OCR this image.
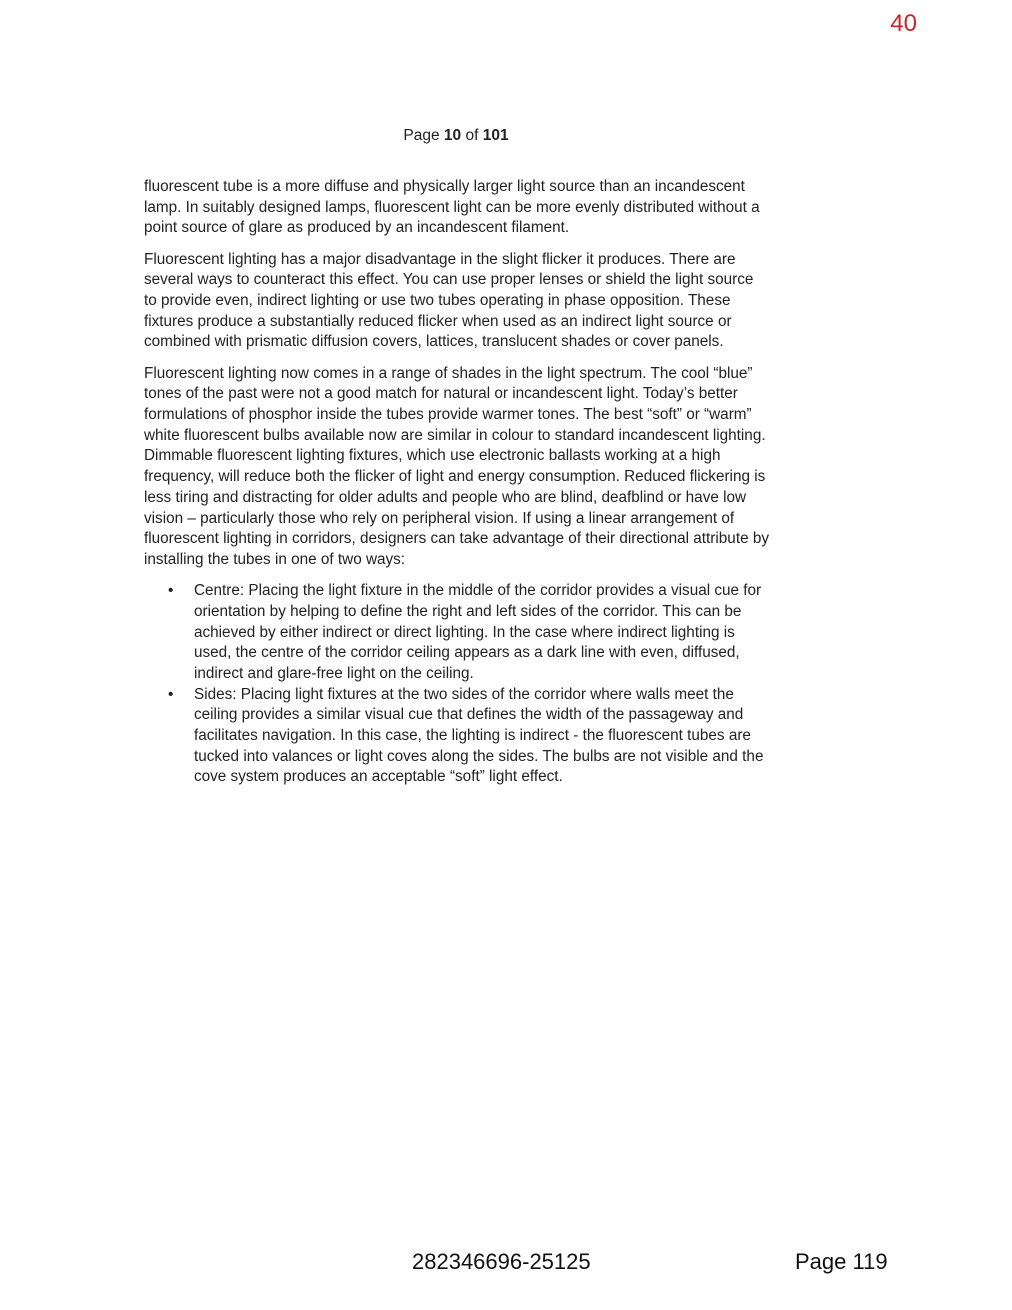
40
Page 10 of 101

fluorescent tube is a more diffuse and physically larger light source than an incandescent lamp. In suitably designed lamps, fluorescent light can be more evenly distributed without a point source of glare as produced by an incandescent filament.

Fluorescent lighting has a major disadvantage in the slight flicker it produces. There are several ways to counteract this effect. You can use proper lenses or shield the light source to provide even, indirect lighting or use two tubes operating in phase opposition. These fixtures produce a substantially reduced flicker when used as an indirect light source or combined with prismatic diffusion covers, lattices, translucent shades or cover panels.

Fluorescent lighting now comes in a range of shades in the light spectrum. The cool “blue” tones of the past were not a good match for natural or incandescent light. Today’s better formulations of phosphor inside the tubes provide warmer tones. The best “soft” or “warm” white fluorescent bulbs available now are similar in colour to standard incandescent lighting. Dimmable fluorescent lighting fixtures, which use electronic ballasts working at a high frequency, will reduce both the flicker of light and energy consumption. Reduced flickering is less tiring and distracting for older adults and people who are blind, deafblind or have low vision – particularly those who rely on peripheral vision. If using a linear arrangement of fluorescent lighting in corridors, designers can take advantage of their directional attribute by installing the tubes in one of two ways:

• Centre: Placing the light fixture in the middle of the corridor provides a visual cue for orientation by helping to define the right and left sides of the corridor. This can be achieved by either indirect or direct lighting. In the case where indirect lighting is used, the centre of the corridor ceiling appears as a dark line with even, diffused, indirect and glare-free light on the ceiling.
• Sides: Placing light fixtures at the two sides of the corridor where walls meet the ceiling provides a similar visual cue that defines the width of the passageway and facilitates navigation. In this case, the lighting is indirect - the fluorescent tubes are tucked into valances or light coves along the sides. The bulbs are not visible and the cove system produces an acceptable “soft” light effect.
282346696-25125	Page 119
